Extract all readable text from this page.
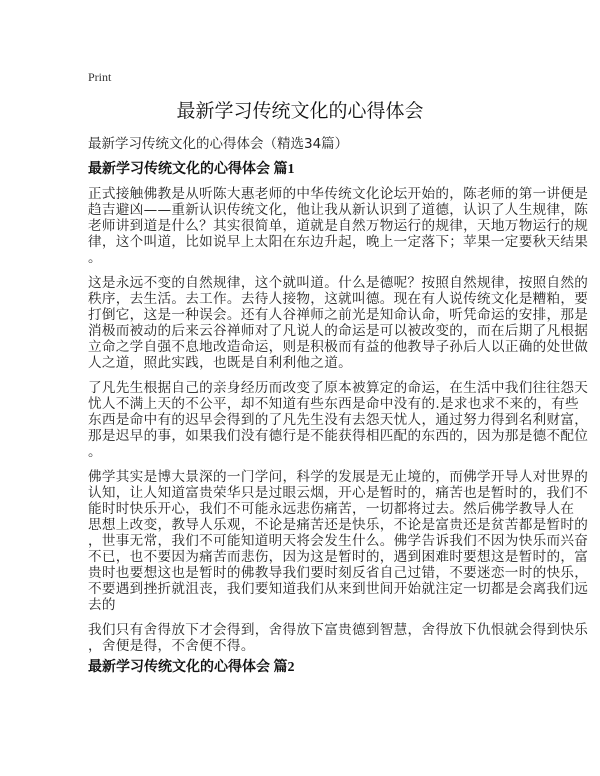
Print
最新学习传统文化的心得体会
最新学习传统文化的心得体会（精选34篇）
最新学习传统文化的心得体会 篇1

正式接触佛教是从听陈大惠老师的中华传统文化论坛开始的，陈老师的第一讲便是
趋吉避凶——重新认识传统文化，他让我从新认识到了道德，认识了人生规律，陈
老师讲到道是什么？其实很简单，道就是自然万物运行的规律，天地万物运行的规
律，这个叫道，比如说早上太阳在东边升起，晚上一定落下；苹果一定要秋天结果
。

这是永远不变的自然规律，这个就叫道。什么是德呢？按照自然规律，按照自然的
秩序，去生活。去工作。去待人接物，这就叫德。现在有人说传统文化是糟粕，要
打倒它，这是一种误会。还有人谷禅师之前光是知命认命，听凭命运的安排，那是
消极而被动的后来云谷禅师对了凡说人的命运是可以被改变的，而在后期了凡根据
立命之学自强不息地改造命运，则是积极而有益的他教导子孙后人以正确的处世做
人之道，照此实践，也既是自利利他之道。

了凡先生根据自己的亲身经历而改变了原本被算定的命运，在生活中我们往往怨天
忧人不满上天的不公平，却不知道有些东西是命中没有的.是求也求不来的，有些
东西是命中有的迟早会得到的了凡先生没有去怨天忧人，通过努力得到名利财富，
那是迟早的事，如果我们没有德行是不能获得相匹配的东西的，因为那是德不配位
。

佛学其实是博大景深的一门学问，科学的发展是无止境的，而佛学开导人对世界的
认知，让人知道富贵荣华只是过眼云烟，开心是暂时的，痛苦也是暂时的，我们不
能时时快乐开心，我们不可能永远悲伤痛苦，一切都将过去。然后佛学教导人在
思想上改变，教导人乐观，不论是痛苦还是快乐，不论是富贵还是贫苦都是暂时的
，世事无常，我们不可能知道明天将会发生什么。佛学告诉我们不因为快乐而兴奋
不已，也不要因为痛苦而悲伤，因为这是暂时的，遇到困难时要想这是暂时的，富
贵时也要想这也是暂时的佛教导我们要时刻反省自己过错，不要迷恋一时的快乐，
不要遇到挫折就沮丧，我们要知道我们从来到世间开始就注定一切都是会离我们远
去的

我们只有舍得放下才会得到，舍得放下富贵德到智慧，舍得放下仇恨就会得到快乐
，舍便是得，不舍便不得。

最新学习传统文化的心得体会 篇2
